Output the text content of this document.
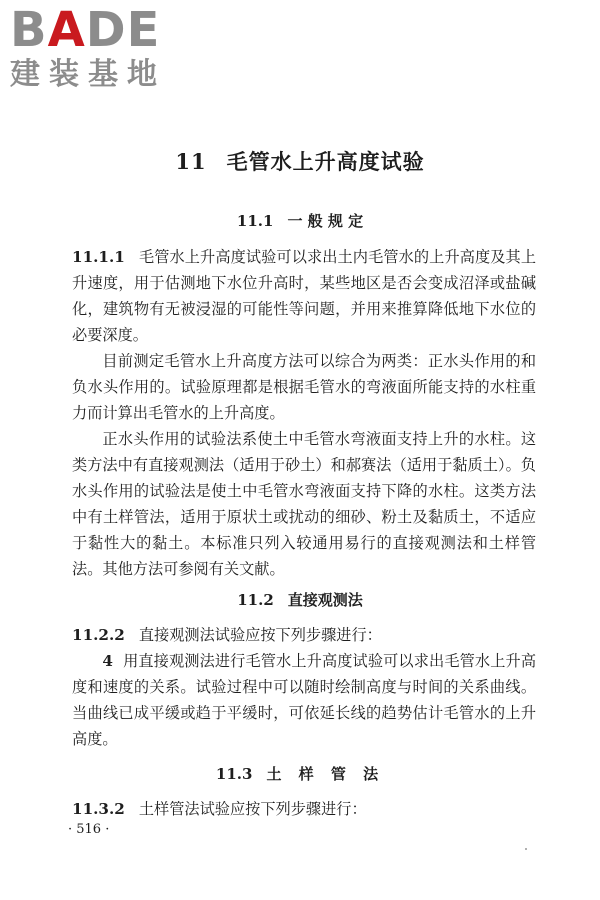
BADE
建装基地
11 毛管水上升高度试验
11.1 一 般 规 定
11.1.1 毛管水上升高度试验可以求出土内毛管水的上升高度及其上升速度，用于估测地下水位升高时，某些地区是否会变成沼泽或盐碱化，建筑物有无被浸湿的可能性等问题，并用来推算降低地下水位的必要深度。
目前测定毛管水上升高度方法可以综合为两类：正水头作用的和负水头作用的。试验原理都是根据毛管水的弯液面所能支持的水柱重力而计算出毛管水的上升高度。
正水头作用的试验法系使土中毛管水弯液面支持上升的水柱。这类方法中有直接观测法（适用于砂土）和郝赛法（适用于黏质土）。负水头作用的试验法是使土中毛管水弯液面支持下降的水柱。这类方法中有土样管法，适用于原状土或扰动的细砂、粉土及黏质土，不适应于黏性大的黏土。本标准只列入较通用易行的直接观测法和土样管法。其他方法可参阅有关文献。
11.2 直接观测法
11.2.2 直接观测法试验应按下列步骤进行：
4 用直接观测法进行毛管水上升高度试验可以求出毛管水上升高度和速度的关系。试验过程中可以随时绘制高度与时间的关系曲线。当曲线已成平缓或趋于平缓时，可依延长线的趋势估计毛管水的上升高度。
11.3 土 样 管 法
11.3.2 土样管法试验应按下列步骤进行：
· 516 ·
